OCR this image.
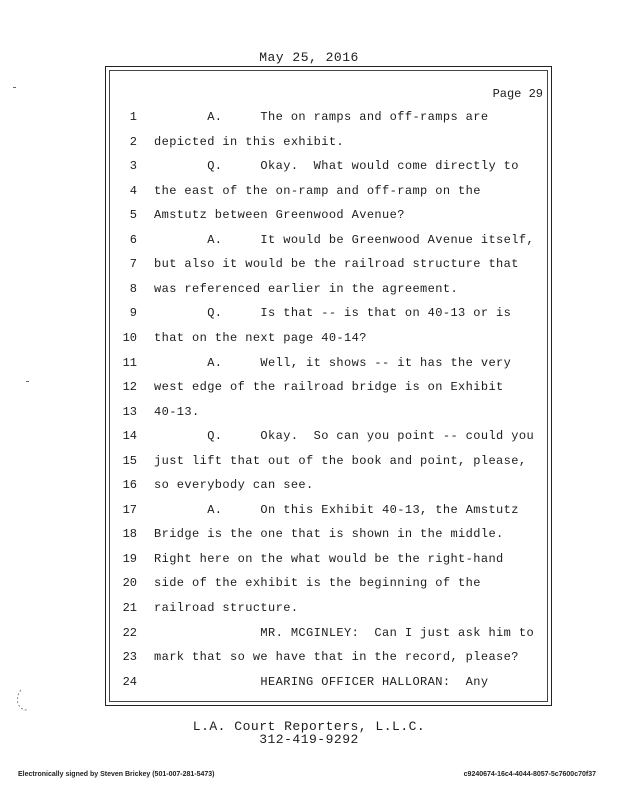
May 25, 2016
Page 29
1 A.     The on ramps and off-ramps are
2 depicted in this exhibit.
3 Q.     Okay.  What would come directly to
4 the east of the on-ramp and off-ramp on the
5 Amstutz between Greenwood Avenue?
6 A.     It would be Greenwood Avenue itself,
7 but also it would be the railroad structure that
8 was referenced earlier in the agreement.
9 Q.     Is that -- is that on 40-13 or is
10 that on the next page 40-14?
11 A.     Well, it shows -- it has the very
12 west edge of the railroad bridge is on Exhibit
13 40-13.
14 Q.     Okay.  So can you point -- could you
15 just lift that out of the book and point, please,
16 so everybody can see.
17 A.     On this Exhibit 40-13, the Amstutz
18 Bridge is the one that is shown in the middle.
19 Right here on the what would be the right-hand
20 side of the exhibit is the beginning of the
21 railroad structure.
22 MR. MCGINLEY:  Can I just ask him to
23 mark that so we have that in the record, please?
24 HEARING OFFICER HALLORAN:  Any
L.A. Court Reporters, L.L.C.
312-419-9292
Electronically signed by Steven Brickey (501-007-281-5473)	c9240674-16c4-4044-8057-5c7600c70f37
